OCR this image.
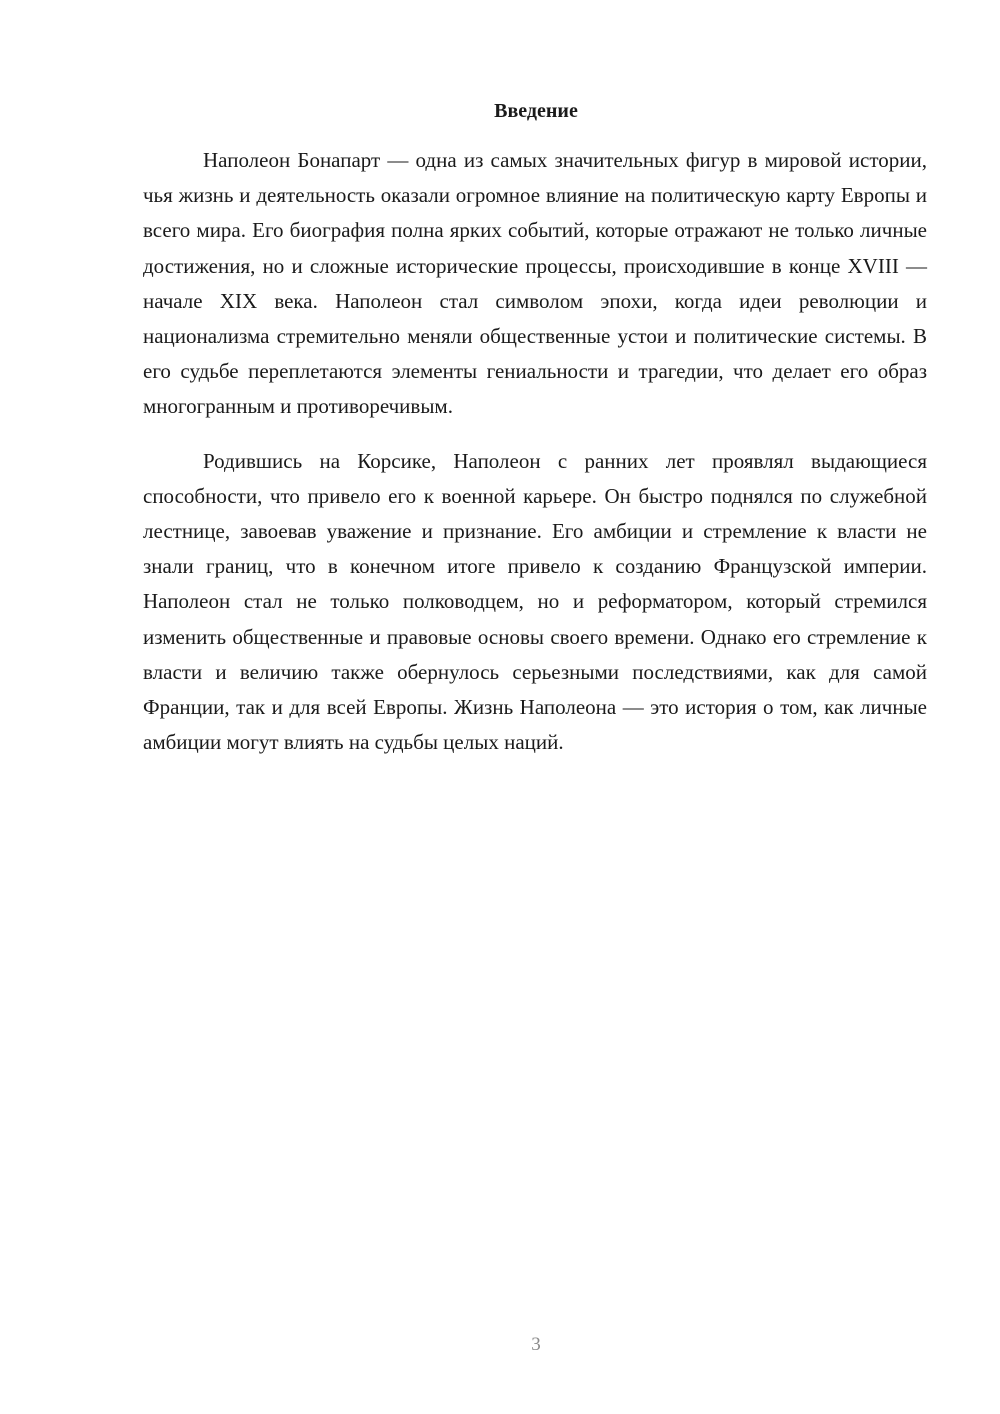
Введение

Наполеон Бонапарт — одна из самых значительных фигур в мировой истории, чья жизнь и деятельность оказали огромное влияние на политическую карту Европы и всего мира. Его биография полна ярких событий, которые отражают не только личные достижения, но и сложные исторические процессы, происходившие в конце XVIII — начале XIX века. Наполеон стал символом эпохи, когда идеи революции и национализма стремительно меняли общественные устои и политические системы. В его судьбе переплетаются элементы гениальности и трагедии, что делает его образ многогранным и противоречивым.

Родившись на Корсике, Наполеон с ранних лет проявлял выдающиеся способности, что привело его к военной карьере. Он быстро поднялся по служебной лестнице, завоевав уважение и признание. Его амбиции и стремление к власти не знали границ, что в конечном итоге привело к созданию Французской империи. Наполеон стал не только полководцем, но и реформатором, который стремился изменить общественные и правовые основы своего времени. Однако его стремление к власти и величию также обернулось серьезными последствиями, как для самой Франции, так и для всей Европы. Жизнь Наполеона — это история о том, как личные амбиции могут влиять на судьбы целых наций.

3
